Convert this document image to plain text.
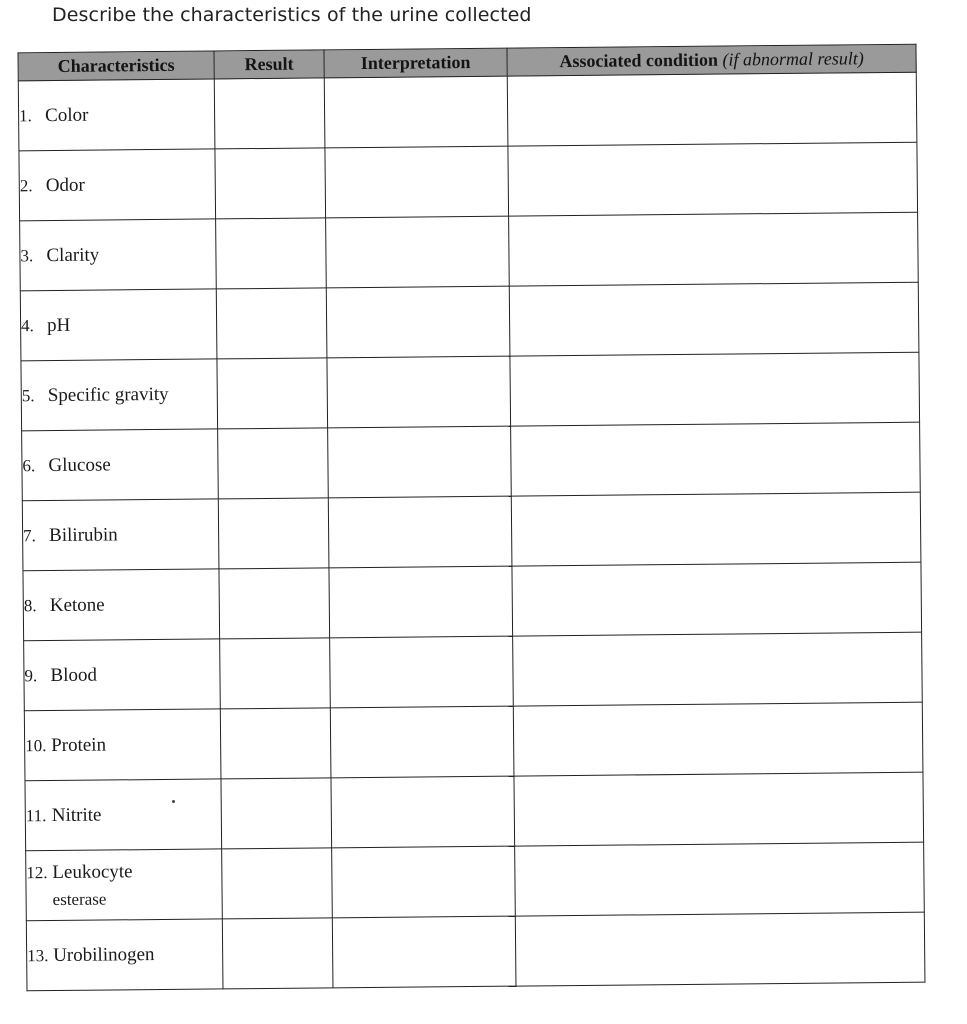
Describe the characteristics of the urine collected
Characteristics	Result	Interpretation	Associated condition (if abnormal result)
1. Color			
2. Odor			
3. Clarity			
4. pH			
5. Specific gravity			
6. Glucose			
7. Bilirubin			
8. Ketone			
9. Blood			
10. Protein			
11. Nitrite			
12. Leukocyte
esterase			

13. Urobilinogen			
